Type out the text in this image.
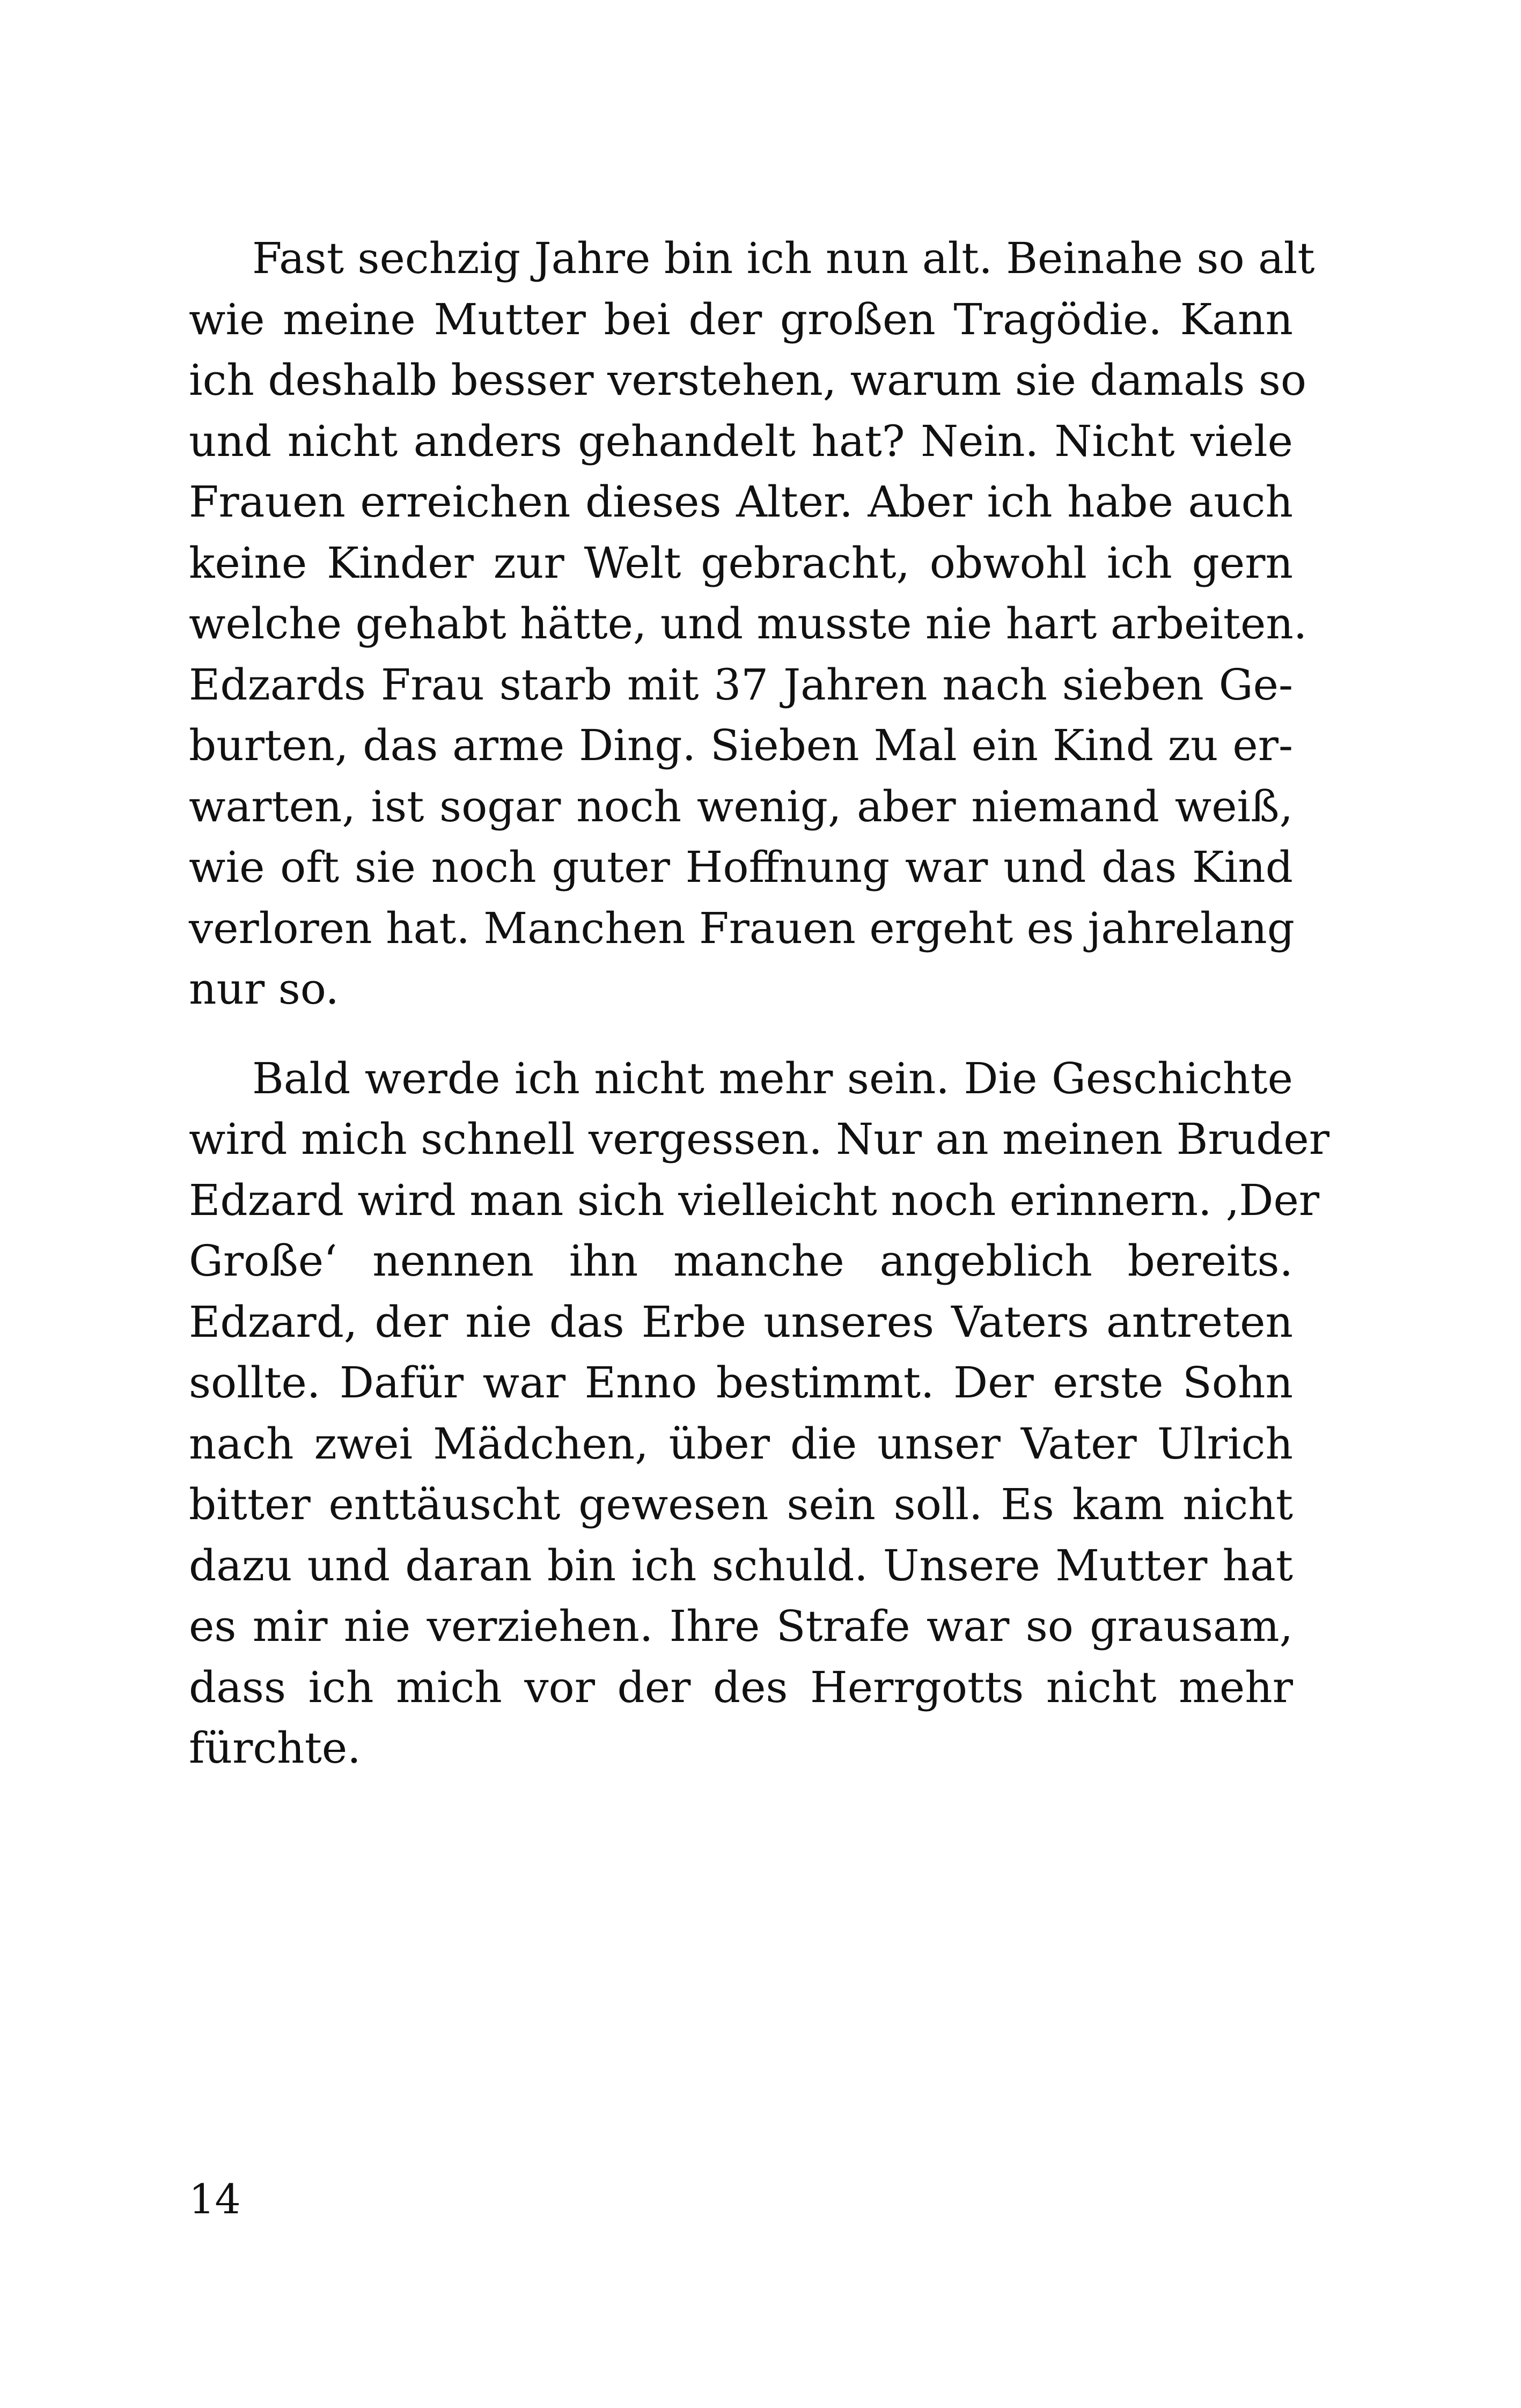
Fast sechzig Jahre bin ich nun alt. Beinahe so alt
wie meine Mutter bei der großen Tragödie. Kann
ich deshalb besser verstehen, warum sie damals so
und nicht anders gehandelt hat? Nein. Nicht viele
Frauen erreichen dieses Alter. Aber ich habe auch
keine Kinder zur Welt gebracht, obwohl ich gern
welche gehabt hätte, und musste nie hart arbeiten.
Edzards Frau starb mit 37 Jahren nach sieben Ge-
burten, das arme Ding. Sieben Mal ein Kind zu er-
warten, ist sogar noch wenig, aber niemand weiß,
wie oft sie noch guter Hoffnung war und das Kind
verloren hat. Manchen Frauen ergeht es jahrelang
nur so.
Bald werde ich nicht mehr sein. Die Geschichte
wird mich schnell vergessen. Nur an meinen Bruder
Edzard wird man sich vielleicht noch erinnern. ‚Der
Große‘ nennen ihn manche angeblich bereits.
Edzard, der nie das Erbe unseres Vaters antreten
sollte. Dafür war Enno bestimmt. Der erste Sohn
nach zwei Mädchen, über die unser Vater Ulrich
bitter enttäuscht gewesen sein soll. Es kam nicht
dazu und daran bin ich schuld. Unsere Mutter hat
es mir nie verziehen. Ihre Strafe war so grausam,
dass ich mich vor der des Herrgotts nicht mehr
fürchte.
14
